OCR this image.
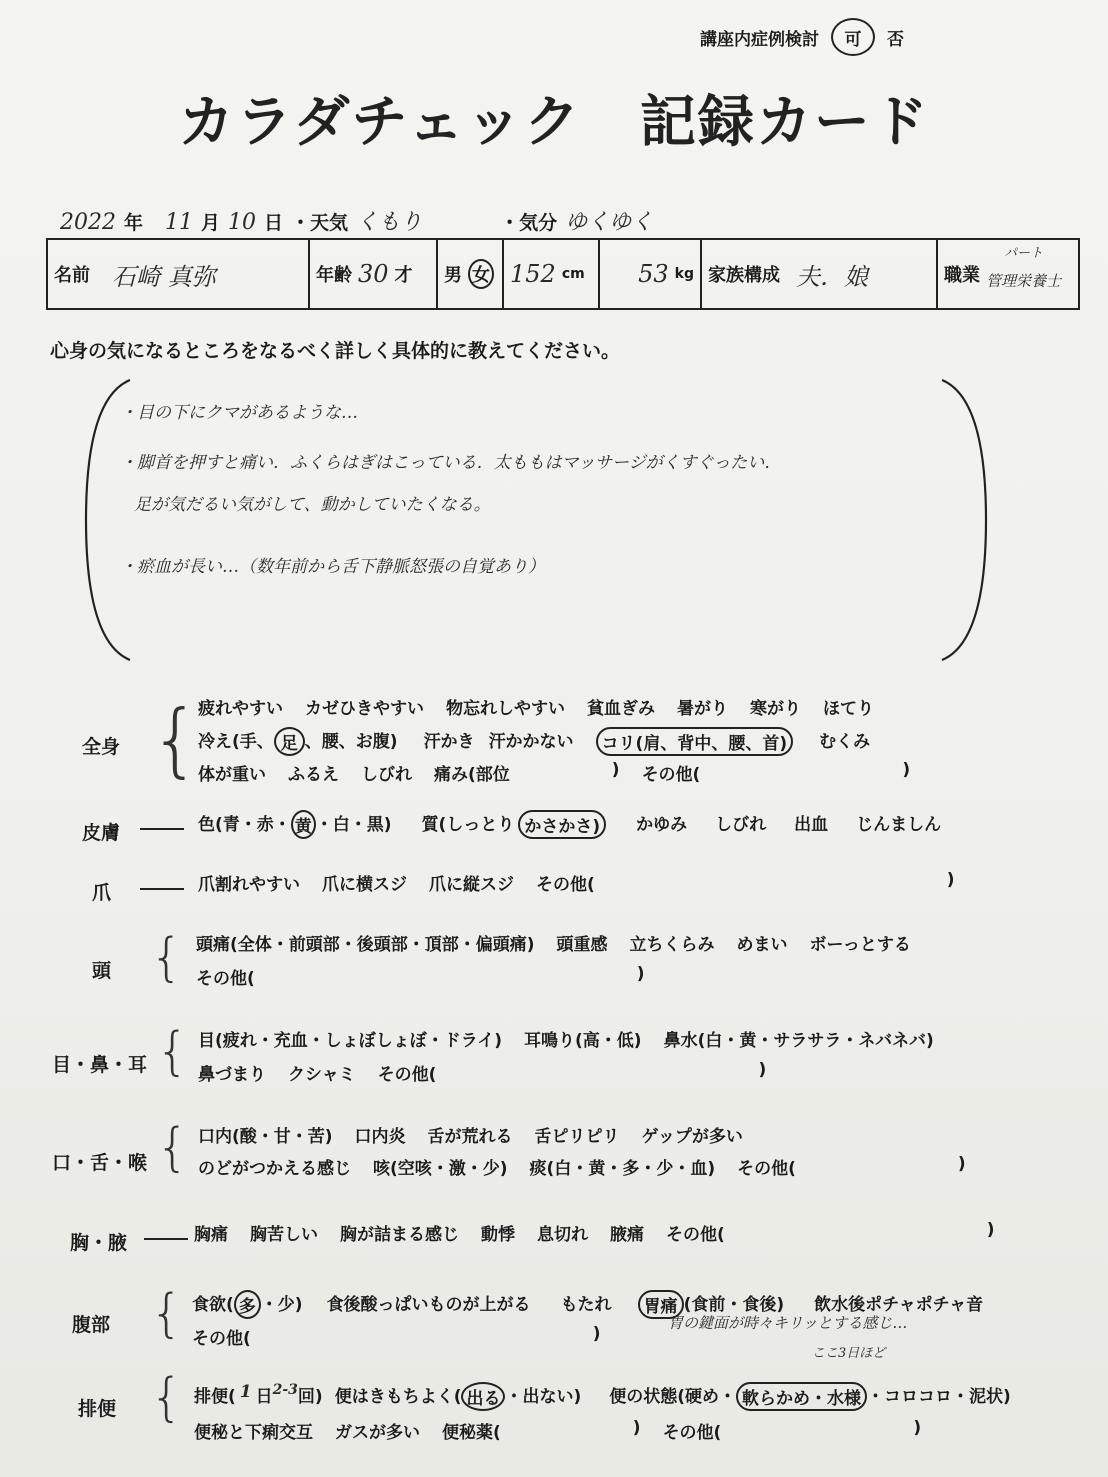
講座内症例検討	可	否
カラダチェック　記録カード
2022 年 11 月 10 日 ・天気 くもり	・気分 ゆくゆく
名前 石崎 真弥	年齢 30 才 男 女 152 cm 53 kg 家族構成 夫．娘	職業
パート
管理栄養士
心身の気になるところをなるべく詳しく具体的に教えてください。
・目の下にクマがあるような…
・脚首を押すと痛い．ふくらはぎはこっている．太ももはマッサージがくすぐったい．
足が気だるい気がして、動かしていたくなる。
・瘀血が長い…（数年前から舌下静脈怒張の自覚あり）
全身 {
疲れやすい カゼひきやすい 物忘れしやすい 貧血ぎみ 暑がり 寒がり ほてり
冷え(手、 足 、腰、お腹) 汗かき 汗かかない	コリ(肩、背中、腰、首)	むくみ
体が重い ふるえ しびれ 痛み(部位	) その他(	)
皮膚	色(青・赤・ 黄 ・白・黒) 質(しっとり かさかさ)	かゆみ しびれ 出血 じんましん
爪	爪割れやすい 爪に横スジ 爪に縦スジ その他(	)
頭 { 頭痛(全体・前頭部・後頭部・頂部・偏頭痛) 頭重感 立ちくらみ めまい ボーっとする
その他(	)
目・鼻・耳 { 目(疲れ・充血・しょぼしょぼ・ドライ) 耳鳴り(高・低) 鼻水(白・黄・サラサラ・ネバネバ)
鼻づまり クシャミ その他(	)
口・舌・喉 { 口内(酸・甘・苦) 口内炎 舌が荒れる 舌ピリピリ ゲップが多い
のどがつかえる感じ 咳(空咳・激・少) 痰(白・黄・多・少・血) その他(	)
胸・腋	胸痛 胸苦しい 胸が詰まる感じ 動悸 息切れ 腋痛 その他(	)
腹部 { 食欲( 多 ・少) 食後酸っぱいものが上がる もたれ	胃痛 (食前・食後) 飲水後ポチャポチャ音
その他(	)
胃の鍵面が時々キリッとする感じ…
排便 {
ここ3日ほど
排便( 1 日 2-3 回) 便はきもちよく( 出る ・出ない) 便の状態(硬め・ 軟らかめ・水様 ・コロコロ・泥状)
便秘と下痢交互 ガスが多い 便秘薬(	) その他(	)
